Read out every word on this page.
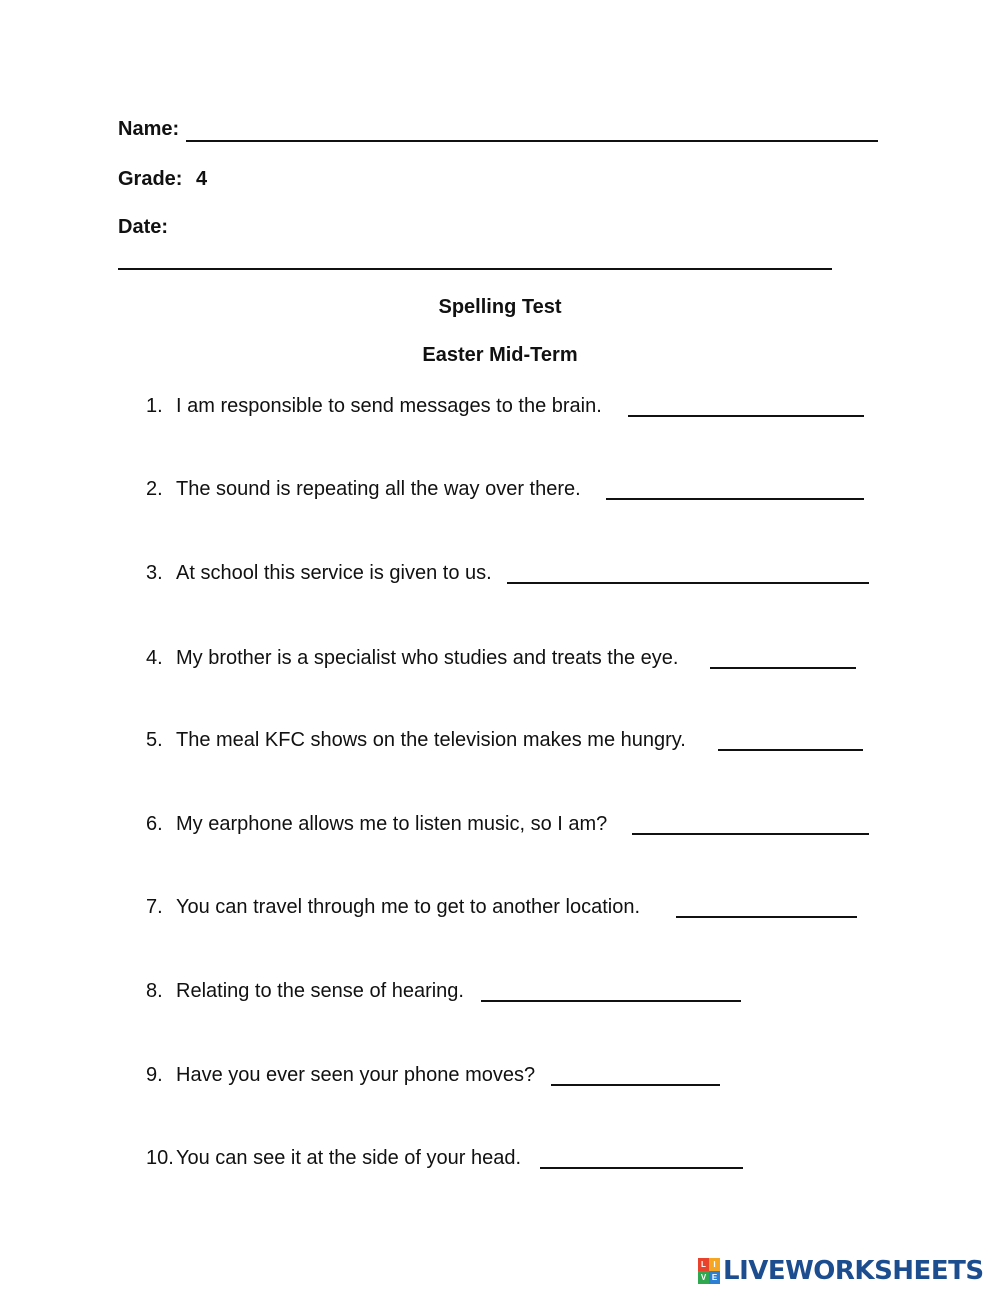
Name:
Grade: 4
Date:
Spelling Test
Easter Mid-Term
1. I am responsible to send messages to the brain.
2. The sound is repeating all the way over there.
3. At school this service is given to us.
4. My brother is a specialist who studies and treats the eye.
5. The meal KFC shows on the television makes me hungry.
6. My earphone allows me to listen music, so I am?
7. You can travel through me to get to another location.
8. Relating to the sense of hearing.
9. Have you ever seen your phone moves?
10. You can see it at the side of your head.
L I
V E LIVEWORKSHEETS
